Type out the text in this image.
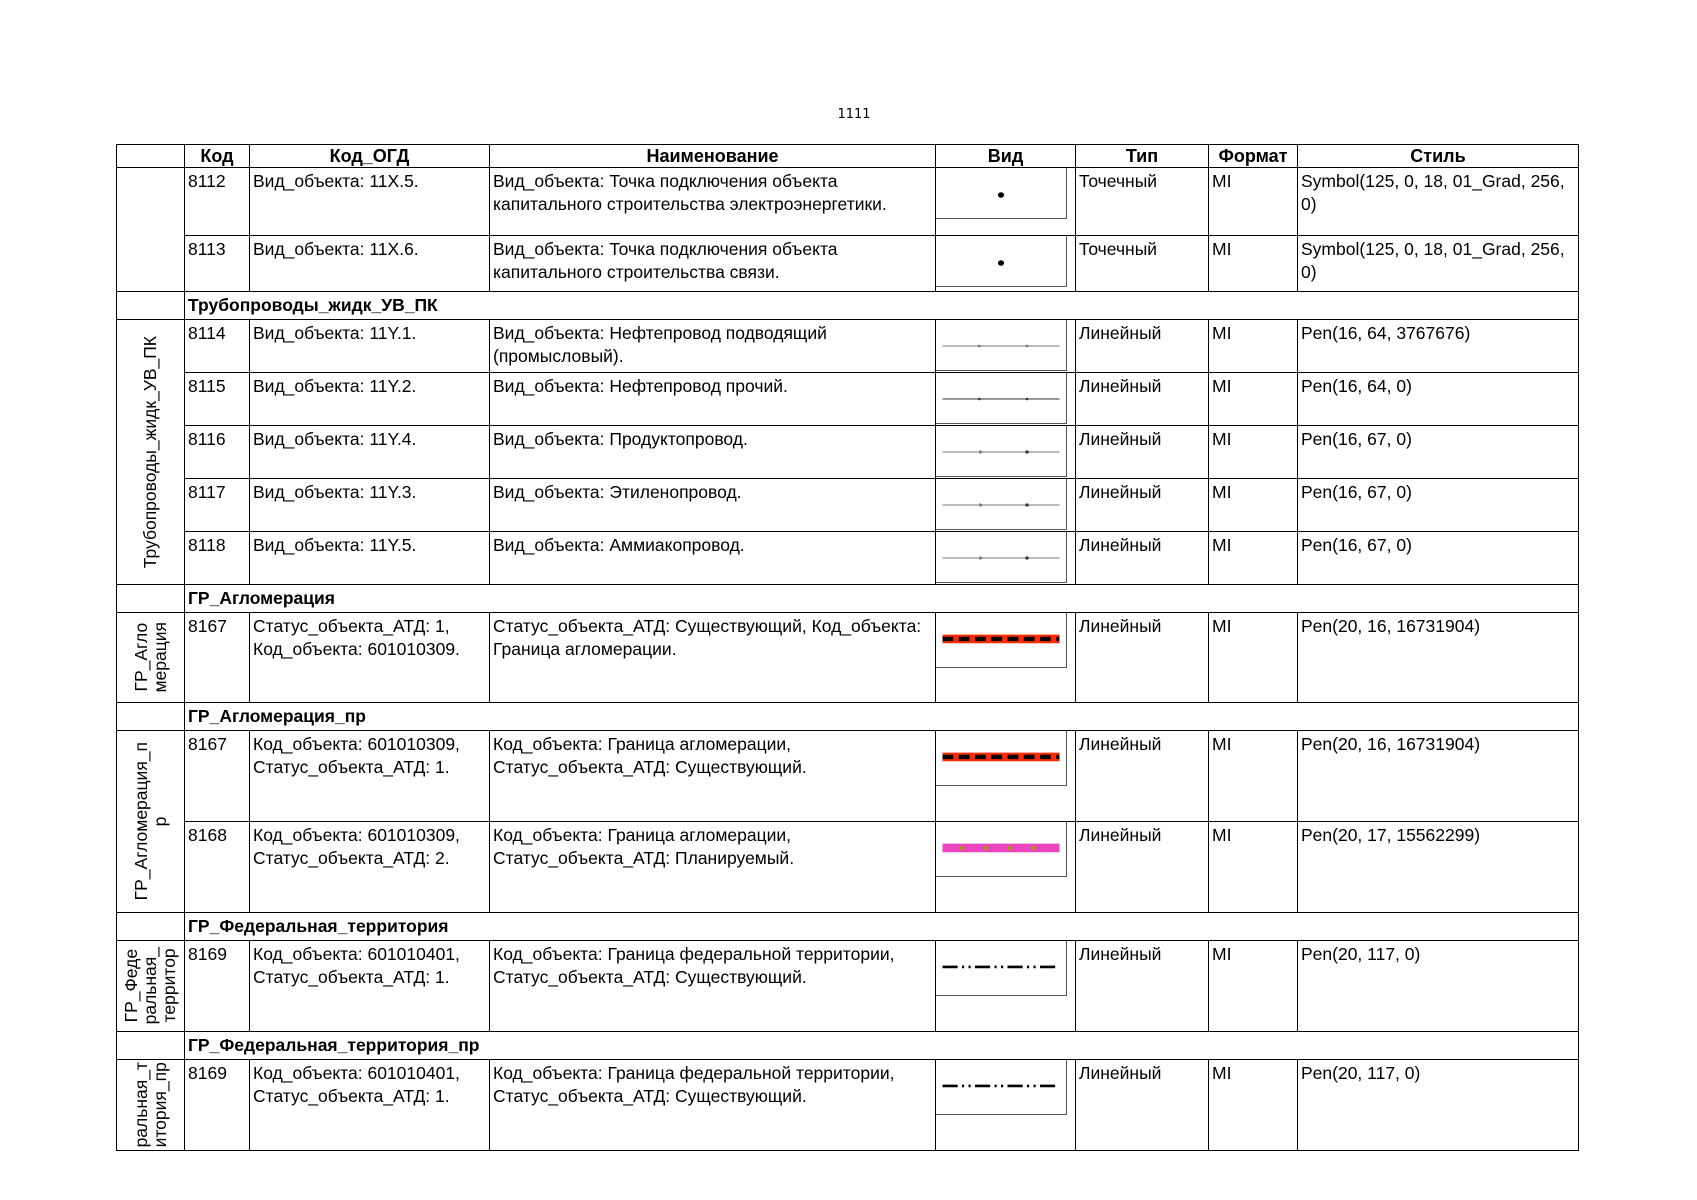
1111
	Код	Код_ОГД	Наименование	Вид	Тип	Формат	Стиль
	8112	Вид_объекта: 11Х.5.	Вид_объекта: Точка подключения объекта капитального строительства электроэнергетики.		Точечный	MI	Symbol(125, 0, 18, 01_Grad, 256, 0)
	8113	Вид_объекта: 11Х.6.	Вид_объекта: Точка подключения объекта капитального строительства связи.		Точечный	MI	Symbol(125, 0, 18, 01_Grad, 256, 0)
	Трубопроводы_жидк_УВ_ПК						

Трубопроводы_жидк_УВ_ПК	8114	Вид_объекта: 11Y.1.	Вид_объекта: Нефтепровод подводящий (промысловый).		Линейный	MI	Pen(16, 64, 3767676)
	8115	Вид_объекта: 11Y.2.	Вид_объекта: Нефтепровод прочий.		Линейный	MI	Pen(16, 64, 0)
	8116	Вид_объекта: 11Y.4.	Вид_объекта: Продуктопровод.		Линейный	MI	Pen(16, 67, 0)
	8117	Вид_объекта: 11Y.3.	Вид_объекта: Этиленопровод.		Линейный	MI	Pen(16, 67, 0)
	8118	Вид_объекта: 11Y.5.	Вид_объекта: Аммиакопровод.		Линейный	MI	Pen(16, 67, 0)
	ГР_Агломерация						

ГР_Агло
мерация	8167	Статус_объекта_АТД: 1, Код_объекта: 601010309.	Статус_объекта_АТД: Существующий, Код_объекта: Граница агломерации.		Линейный	MI	Pen(20, 16, 16731904)
	ГР_Агломерация_пр						

ГР_Агломерация_п
р	8167	Код_объекта: 601010309, Статус_объекта_АТД: 1.	Код_объекта: Граница агломерации, Статус_объекта_АТД: Существующий.		Линейный	MI	Pen(20, 16, 16731904)
	8168	Код_объекта: 601010309, Статус_объекта_АТД: 2.	Код_объекта: Граница агломерации, Статус_объекта_АТД: Планируемый.		Линейный	MI	Pen(20, 17, 15562299)
	ГР_Федеральная_территория						

ГР_Феде
ральная_
территор	8169	Код_объекта: 601010401, Статус_объекта_АТД: 1.	Код_объекта: Граница федеральной территории, Статус_объекта_АТД: Существующий.		Линейный	MI	Pen(20, 117, 0)
	ГР_Федеральная_территория_пр						

ральная_т
итория_пр	8169	Код_объекта: 601010401, Статус_объекта_АТД: 1.	Код_объекта: Граница федеральной территории, Статус_объекта_АТД: Существующий.		Линейный	MI	Pen(20, 117, 0)
